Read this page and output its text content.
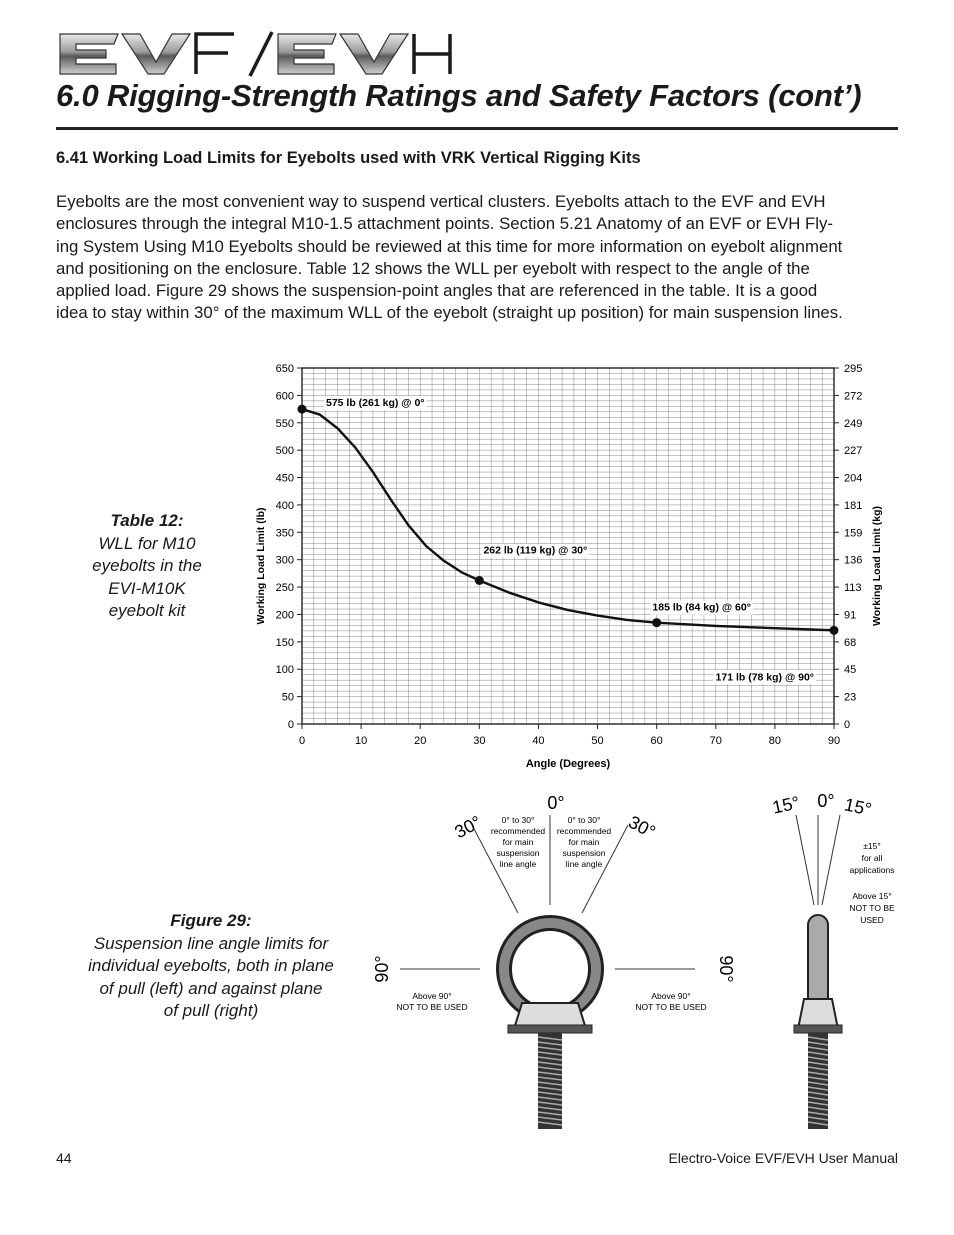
6.0 Rigging-Strength Ratings and Safety Factors (cont’)
6.41 Working Load Limits for Eyebolts used with VRK Vertical Rigging Kits
Eyebolts are the most convenient way to suspend vertical clusters. Eyebolts attach to the EVF and EVH
enclosures through the integral M10-1.5 attachment points. Section 5.21 Anatomy of an EVF or EVH Fly-
ing System Using M10 Eyebolts should be reviewed at this time for more information on eyebolt alignment
and positioning on the enclosure. Table 12 shows the WLL per eyebolt with respect to the angle of the
applied load. Figure 29 shows the suspension-point angles that are referenced in the table. It is a good
idea to stay within 30° of the maximum WLL of the eyebolt (straight up position) for main suspension lines.
Table 12:
WLL for M10
eyebolts in the
EVI-M10K
eyebolt kit
Figure 29:
Suspension line angle limits for
individual eyebolts, both in plane
of pull (left) and against plane
of pull (right)
0	10	20	30	40	50	60	70	80	90
0
50
100
150
200
250
300
350
400
450
500
550
600
650
0
23
45
68
91
113
136
159
181
204
227
249
272
295
Angle (Degrees)
Working Load Limit (lb)	Working Load Limit (kg)
575 lb (261 kg) @ 0°
262 lb (119 kg) @ 30°
185 lb (84 kg) @ 60°
171 lb (78 kg) @ 90°
0°
30°	30°
90°	90°
0° to 30°
recommended
for main
suspension
line angle
0° to 30°
recommended
for main
suspension
line angle
Above 90°
NOT TO BE USED
Above 90°
NOT TO BE USED
15° 0° 15°
±15°
for all
applications
Above 15°
NOT TO BE
USED
44	Electro-Voice EVF/EVH User Manual
